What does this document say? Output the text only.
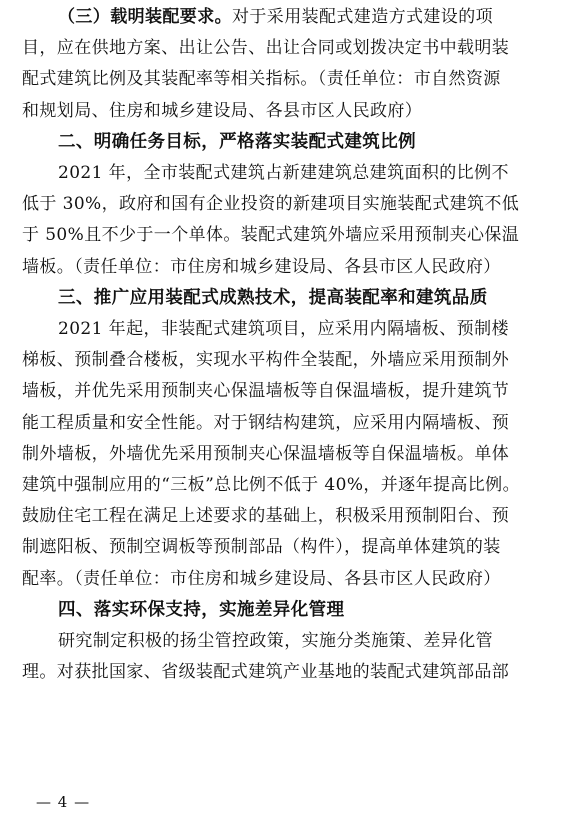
（三）载明装配要求。对于采用装配式建造方式建设的项
目，应在供地方案、出让公告、出让合同或划拨决定书中载明装
配式建筑比例及其装配率等相关指标。（责任单位：市自然资源
和规划局、住房和城乡建设局、各县市区人民政府）
二、明确任务目标，严格落实装配式建筑比例
2021 年，全市装配式建筑占新建建筑总建筑面积的比例不
低于 30%，政府和国有企业投资的新建项目实施装配式建筑不低
于 50%且不少于一个单体。装配式建筑外墙应采用预制夹心保温
墙板。（责任单位：市住房和城乡建设局、各县市区人民政府）
三、推广应用装配式成熟技术，提高装配率和建筑品质
2021 年起，非装配式建筑项目，应采用内隔墙板、预制楼
梯板、预制叠合楼板，实现水平构件全装配，外墙应采用预制外
墙板，并优先采用预制夹心保温墙板等自保温墙板，提升建筑节
能工程质量和安全性能。对于钢结构建筑，应采用内隔墙板、预
制外墙板，外墙优先采用预制夹心保温墙板等自保温墙板。单体
建筑中强制应用的“三板”总比例不低于 40%，并逐年提高比例。
鼓励住宅工程在满足上述要求的基础上，积极采用预制阳台、预
制遮阳板、预制空调板等预制部品（构件），提高单体建筑的装
配率。（责任单位：市住房和城乡建设局、各县市区人民政府）
四、落实环保支持，实施差异化管理
研究制定积极的扬尘管控政策，实施分类施策、差异化管
理。对获批国家、省级装配式建筑产业基地的装配式建筑部品部
— 4 —
